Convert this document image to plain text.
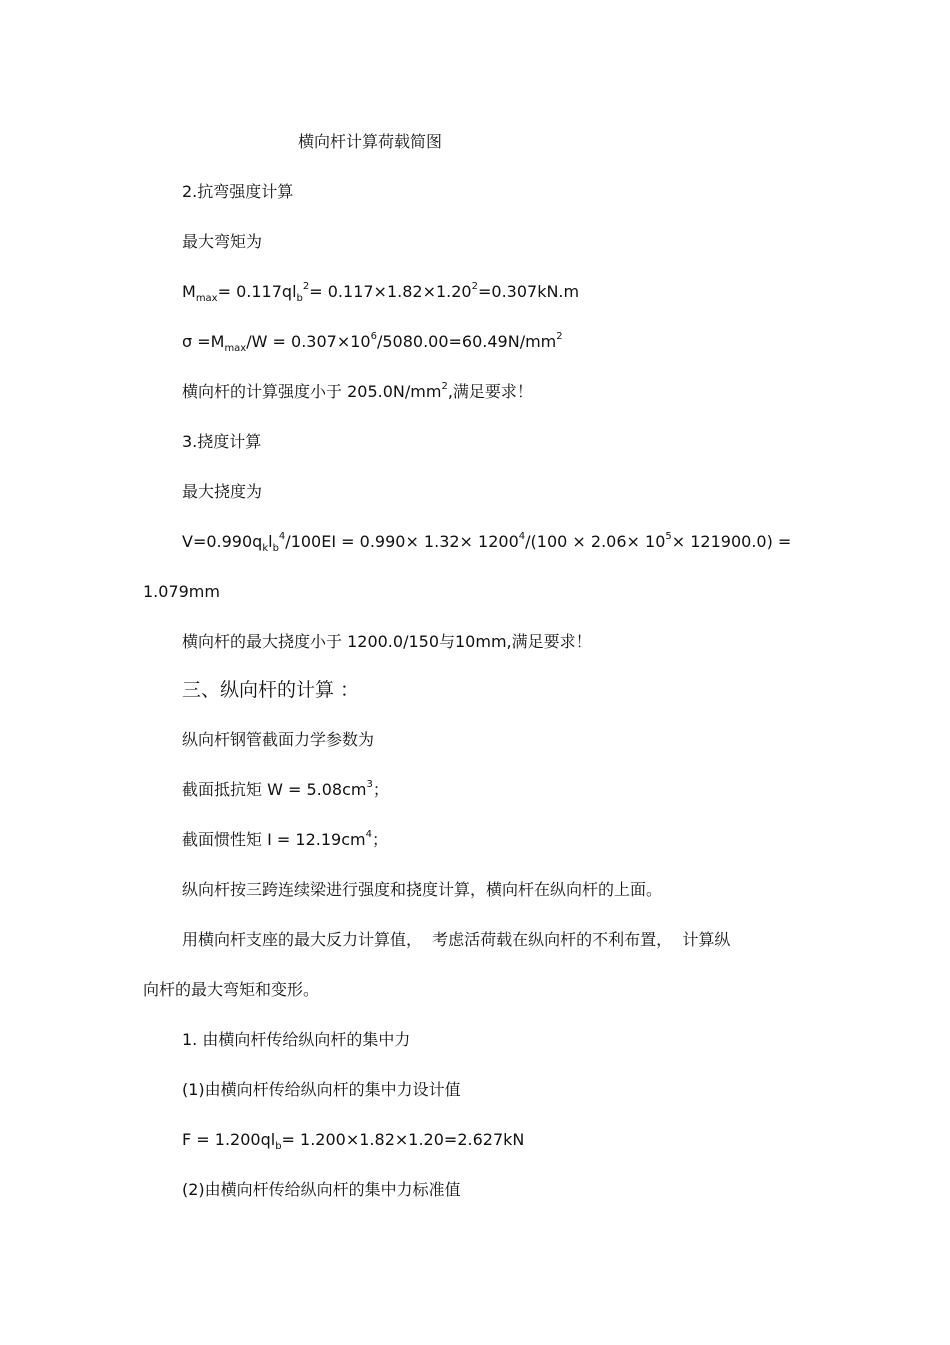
横向杆计算荷载简图
2.抗弯强度计算
最大弯矩为
$M_{max}= 0.117ql_b^2= 0.117\times 1.82\times 1.20^2=0.307kN.m$
$\sigma =M_{max}/W = 0.307\times 10^6/5080.00=60.49N/mm^2$
横向杆的计算强度小于 $205.0N/mm^2$,满足要求！
3.挠度计算
最大挠度为
$V=0.990q_kl_b^4/100EI = 0.990\times 1.32\times 1200^4/(100 \times 2.06\times 10^5\times 121900.0)$ =
1.079mm
横向杆的最大挠度小于 1200.0/150与10mm,满足要求！
三、纵向杆的计算 ：
纵向杆钢管截面力学参数为
截面抵抗矩 $W = 5.08cm^3$；
截面惯性矩 $I = 12.19cm^4$；
纵向杆按三跨连续梁进行强度和挠度计算，横向杆在纵向杆的上面。
用横向杆支座的最大反力计算值，  考虑活荷载在纵向杆的不利布置，  计算纵
向杆的最大弯矩和变形。
1. 由横向杆传给纵向杆的集中力
(1)由横向杆传给纵向杆的集中力设计值
$F = 1.200ql_b= 1.200\times 1.82\times 1.20=2.627kN$
(2)由横向杆传给纵向杆的集中力标准值
